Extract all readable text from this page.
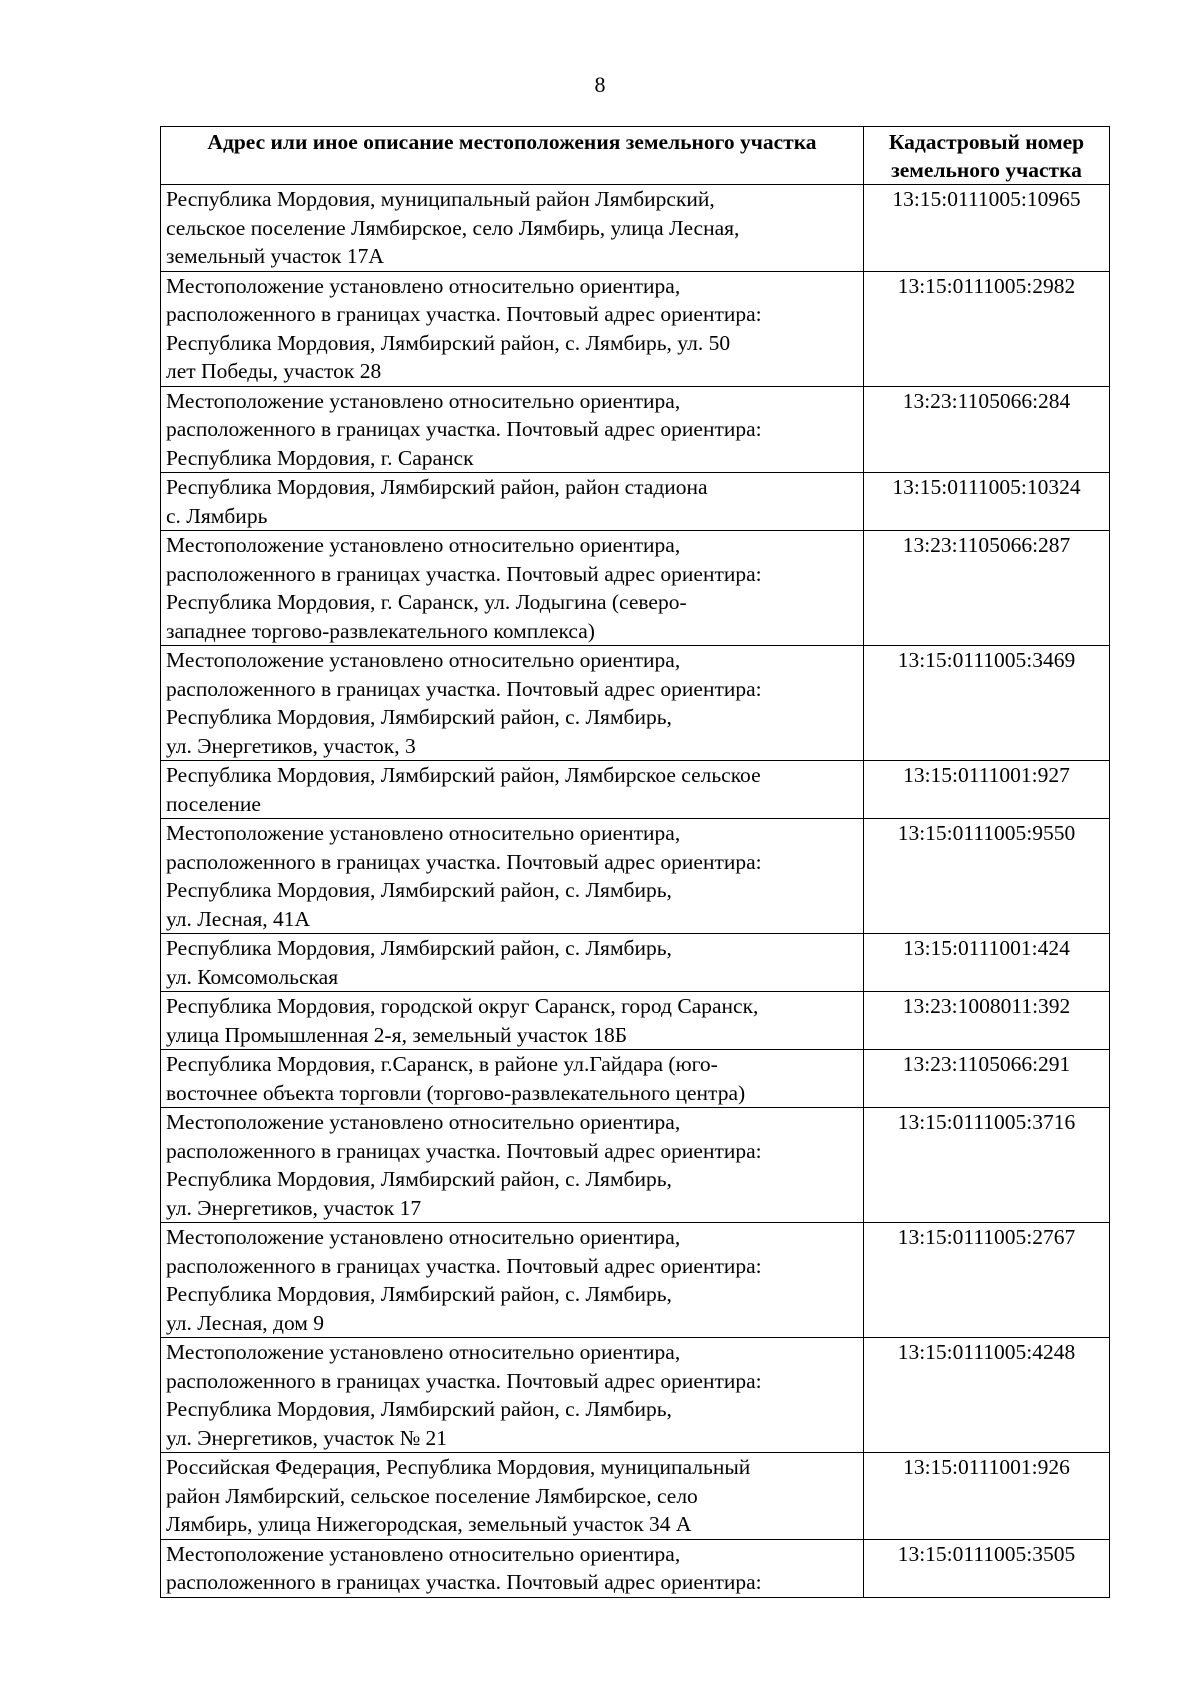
8
Адрес или иное описание местоположения земельного участка	Кадастровый номер земельного участка
Республика Мордовия, муниципальный район Лямбирский,
сельское поселение Лямбирское, село Лямбирь, улица Лесная,
земельный участок 17А	13:15:0111005:10965
Местоположение установлено относительно ориентира,
расположенного в границах участка. Почтовый адрес ориентира:
Республика Мордовия, Лямбирский район, с. Лямбирь, ул. 50
лет Победы, участок 28	13:15:0111005:2982
Местоположение установлено относительно ориентира,
расположенного в границах участка. Почтовый адрес ориентира:
Республика Мордовия, г. Саранск	13:23:1105066:284
Республика Мордовия, Лямбирский район, район стадиона
с. Лямбирь	13:15:0111005:10324
Местоположение установлено относительно ориентира,
расположенного в границах участка. Почтовый адрес ориентира:
Республика Мордовия, г. Саранск, ул. Лодыгина (северо-
западнее торгово-развлекательного комплекса)	13:23:1105066:287
Местоположение установлено относительно ориентира,
расположенного в границах участка. Почтовый адрес ориентира:
Республика Мордовия, Лямбирский район, с. Лямбирь,
ул. Энергетиков, участок, 3	13:15:0111005:3469
Республика Мордовия, Лямбирский район, Лямбирское сельское
поселение	13:15:0111001:927
Местоположение установлено относительно ориентира,
расположенного в границах участка. Почтовый адрес ориентира:
Республика Мордовия, Лямбирский район, с. Лямбирь,
ул. Лесная, 41А	13:15:0111005:9550
Республика Мордовия, Лямбирский район, с. Лямбирь,
ул. Комсомольская	13:15:0111001:424
Республика Мордовия, городской округ Саранск, город Саранск,
улица Промышленная 2-я, земельный участок 18Б	13:23:1008011:392
Республика Мордовия, г.Саранск, в районе ул.Гайдара (юго-
восточнее объекта торговли (торгово-развлекательного центра)	13:23:1105066:291
Местоположение установлено относительно ориентира,
расположенного в границах участка. Почтовый адрес ориентира:
Республика Мордовия, Лямбирский район, с. Лямбирь,
ул. Энергетиков, участок 17	13:15:0111005:3716
Местоположение установлено относительно ориентира,
расположенного в границах участка. Почтовый адрес ориентира:
Республика Мордовия, Лямбирский район, с. Лямбирь,
ул. Лесная, дом 9	13:15:0111005:2767
Местоположение установлено относительно ориентира,
расположенного в границах участка. Почтовый адрес ориентира:
Республика Мордовия, Лямбирский район, с. Лямбирь,
ул. Энергетиков, участок № 21	13:15:0111005:4248
Российская Федерация, Республика Мордовия, муниципальный
район Лямбирский, сельское поселение Лямбирское, село
Лямбирь, улица Нижегородская, земельный участок 34 А	13:15:0111001:926
Местоположение установлено относительно ориентира,
расположенного в границах участка. Почтовый адрес ориентира:	13:15:0111005:3505
